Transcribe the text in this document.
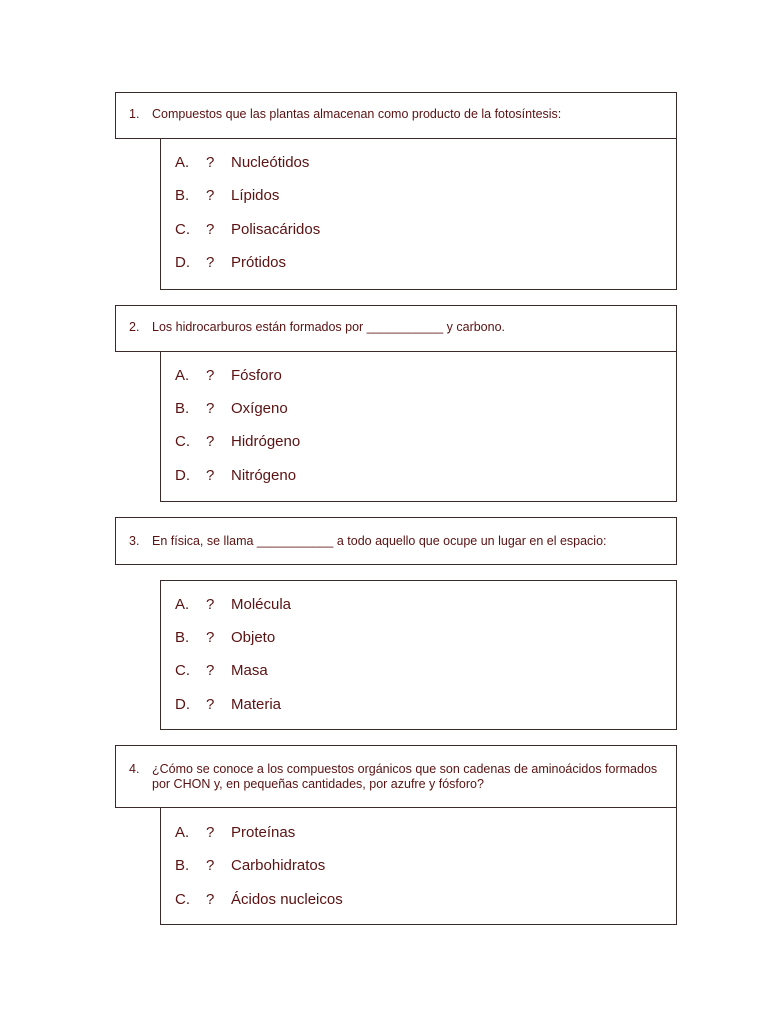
1. Compuestos que las plantas almacenan como producto de la fotosíntesis:
A. ? Nucleótidos
B. ? Lípidos
C. ? Polisacáridos
D. ? Prótidos
2. Los hidrocarburos están formados por ___________ y carbono.
A. ? Fósforo
B. ? Oxígeno
C. ? Hidrógeno
D. ? Nitrógeno
3. En física, se llama ___________ a todo aquello que ocupe un lugar en el espacio:
A. ? Molécula
B. ? Objeto
C. ? Masa
D. ? Materia
4. ¿Cómo se conoce a los compuestos orgánicos que son cadenas de aminoácidos formados por CHON y, en pequeñas cantidades, por azufre y fósforo?
A. ? Proteínas
B. ? Carbohidratos
C. ? Ácidos nucleicos
